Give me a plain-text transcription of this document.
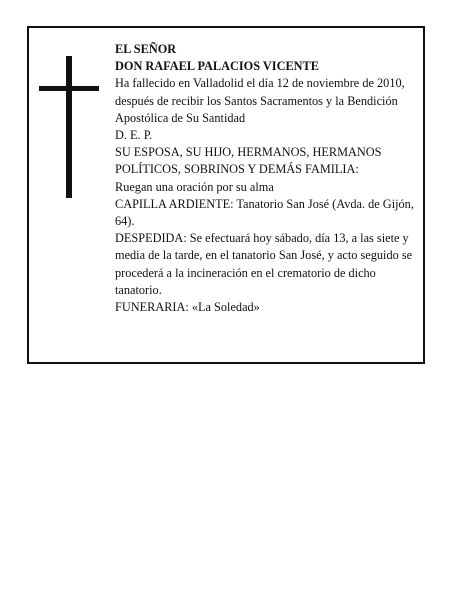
EL SEÑOR

DON RAFAEL PALACIOS VICENTE

Ha fallecido en Valladolid el día 12 de noviembre de 2010, después de recibir los Santos Sacramentos y la Bendición Apostólica de Su Santidad

D. E. P.

SU ESPOSA, SU HIJO, HERMANOS, HERMANOS POLÍTICOS, SOBRINOS Y DEMÁS FAMILIA:

Ruegan una oración por su alma

CAPILLA ARDIENTE: Tanatorio San José (Avda. de Gijón, 64).

DESPEDIDA: Se efectuará hoy sábado, día 13, a las siete y media de la tarde, en el tanatorio San José, y acto seguido se procederá a la incineración en el crematorio de dicho tanatorio.

FUNERARIA: «La Soledad»
